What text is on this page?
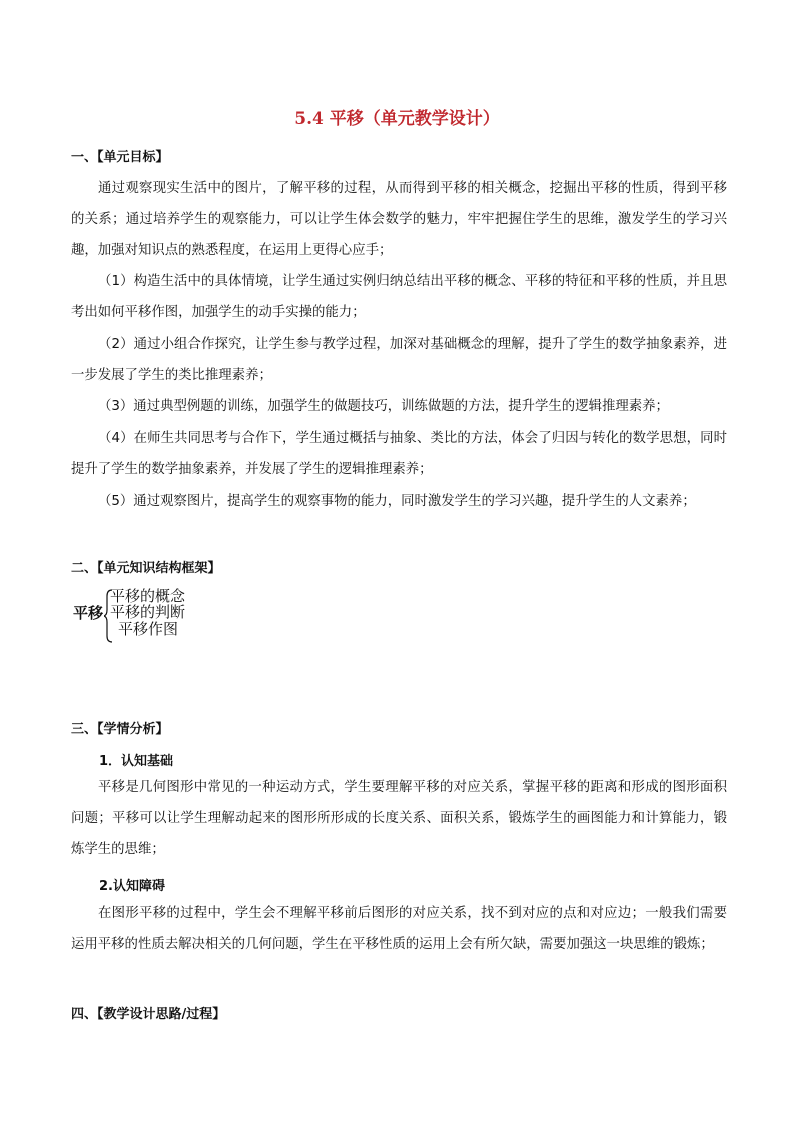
5.4 平移（单元教学设计）
一、【单元目标】

通过观察现实生活中的图片，了解平移的过程，从而得到平移的相关概念，挖掘出平移的性质，得到平移的关系；通过培养学生的观察能力，可以让学生体会数学的魅力，牢牢把握住学生的思维，激发学生的学习兴趣，加强对知识点的熟悉程度，在运用上更得心应手；

（1）构造生活中的具体情境，让学生通过实例归纳总结出平移的概念、平移的特征和平移的性质，并且思考出如何平移作图，加强学生的动手实操的能力；

（2）通过小组合作探究，让学生参与教学过程，加深对基础概念的理解，提升了学生的数学抽象素养，进一步发展了学生的类比推理素养；

（3）通过典型例题的训练，加强学生的做题技巧，训练做题的方法，提升学生的逻辑推理素养；

（4）在师生共同思考与合作下，学生通过概括与抽象、类比的方法，体会了归因与转化的数学思想，同时提升了学生的数学抽象素养，并发展了学生的逻辑推理素养；

（5）通过观察图片，提高学生的观察事物的能力，同时激发学生的学习兴趣，提升学生的人文素养；

二、【单元知识结构框架】
平移
平移的概念
平移的判断
平移作图
三、【学情分析】
1．认知基础

平移是几何图形中常见的一种运动方式，学生要理解平移的对应关系，掌握平移的距离和形成的图形面积问题；平移可以让学生理解动起来的图形所形成的长度关系、面积关系，锻炼学生的画图能力和计算能力，锻炼学生的思维；

2.认知障碍

在图形平移的过程中，学生会不理解平移前后图形的对应关系，找不到对应的点和对应边；一般我们需要运用平移的性质去解决相关的几何问题，学生在平移性质的运用上会有所欠缺，需要加强这一块思维的锻炼；

四、【教学设计思路/过程】
